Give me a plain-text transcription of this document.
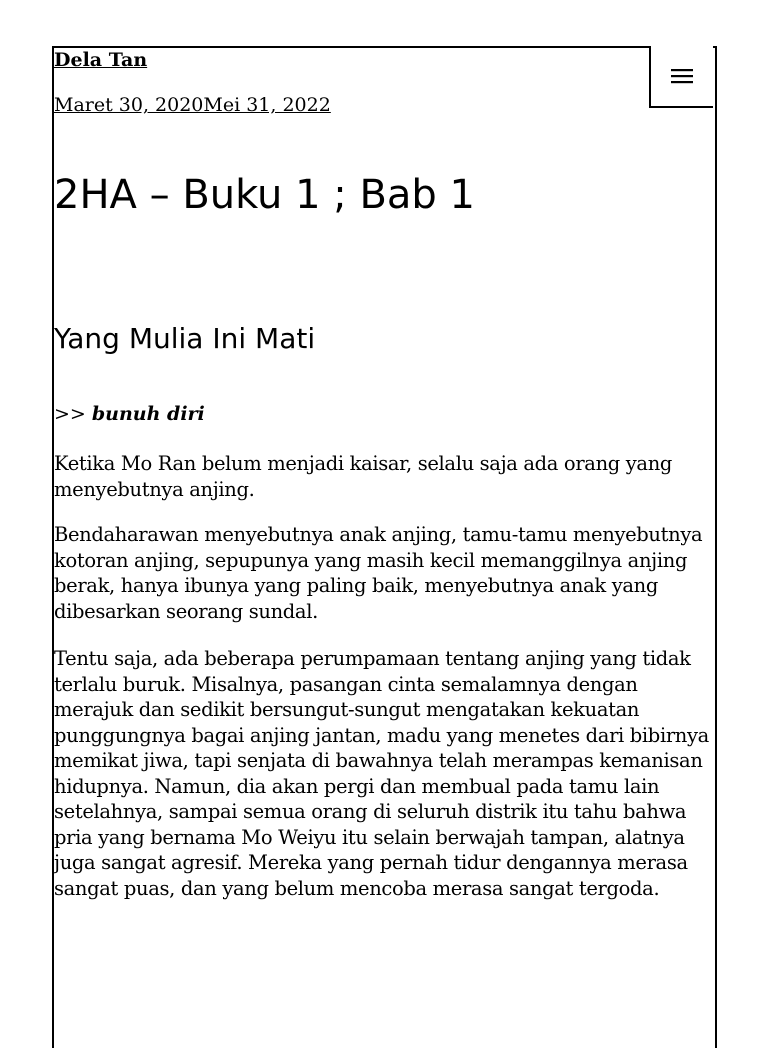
Dela Tan
Maret 30, 2020Mei 31, 2022
2HA – Buku 1 ; Bab 1
Yang Mulia Ini Mati
>> bunuh diri

Ketika Mo Ran belum menjadi kaisar, selalu saja ada orang yang menyebutnya anjing.

Bendaharawan menyebutnya anak anjing, tamu-tamu menyebutnya kotoran anjing, sepupunya yang masih kecil memanggilnya anjing berak, hanya ibunya yang paling baik, menyebutnya anak yang dibesarkan seorang sundal.

Tentu saja, ada beberapa perumpamaan tentang anjing yang tidak terlalu buruk. Misalnya, pasangan cinta semalamnya dengan merajuk dan sedikit bersungut-sungut mengatakan kekuatan punggungnya bagai anjing jantan, madu yang menetes dari bibirnya memikat jiwa, tapi senjata di bawahnya telah merampas kemanisan hidupnya. Namun, dia akan pergi dan membual pada tamu lain setelahnya, sampai semua orang di seluruh distrik itu tahu bahwa pria yang bernama Mo Weiyu itu selain berwajah tampan, alatnya juga sangat agresif. Mereka yang pernah tidur dengannya merasa sangat puas, dan yang belum mencoba merasa sangat tergoda.
